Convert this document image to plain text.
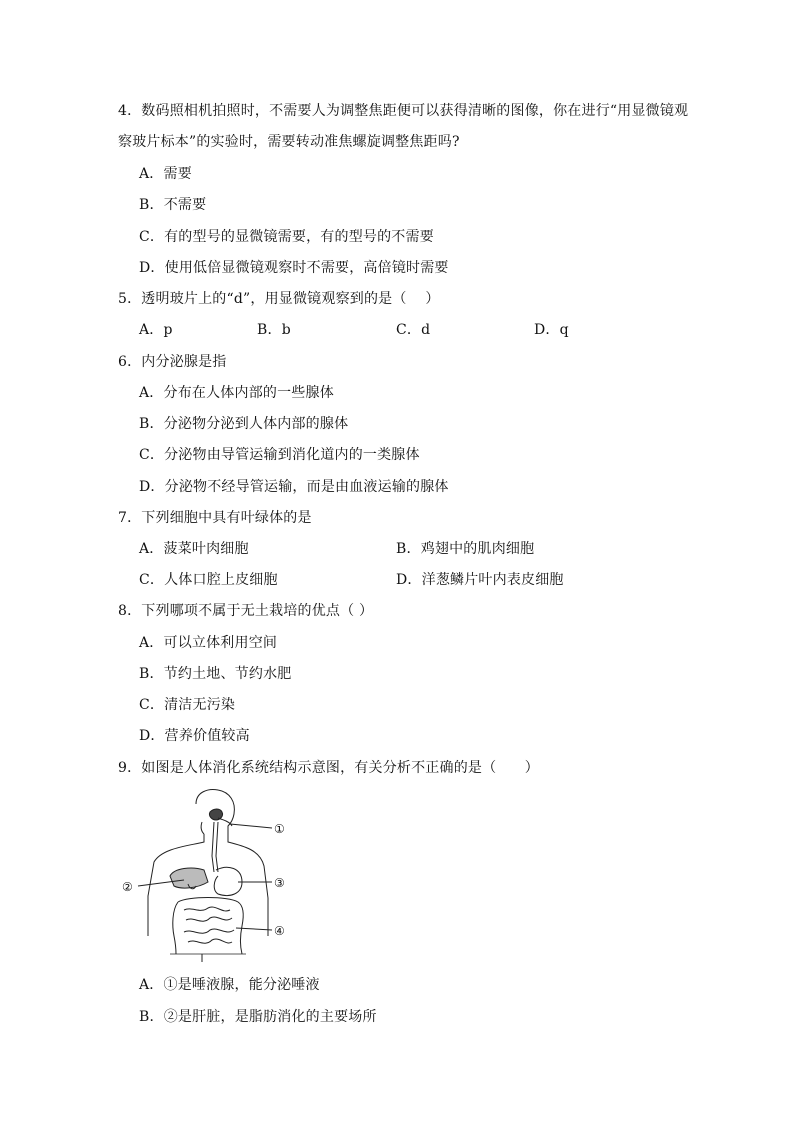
4．数码照相机拍照时，不需要人为调整焦距便可以获得清晰的图像，你在进行“用显微镜观
察玻片标本”的实验时，需要转动准焦螺旋调整焦距吗?
A．需要
B．不需要
C．有的型号的显微镜需要，有的型号的不需要
D．使用低倍显微镜观察时不需要，高倍镜时需要
5．透明玻片上的“d”，用显微镜观察到的是（　 ）
A．p	B．b	C．d	D．q
6．内分泌腺是指
A．分布在人体内部的一些腺体
B．分泌物分泌到人体内部的腺体
C．分泌物由导管运输到消化道内的一类腺体
D．分泌物不经导管运输，而是由血液运输的腺体
7．下列细胞中具有叶绿体的是
A．菠菜叶肉细胞	B．鸡翅中的肌肉细胞
C．人体口腔上皮细胞	D．洋葱鳞片叶内表皮细胞
8．下列哪项不属于无土栽培的优点（ ）
A．可以立体利用空间
B．节约土地、节约水肥
C．清洁无污染
D．营养价值较高
9．如图是人体消化系统结构示意图，有关分析不正确的是（　　）
①
②	③
④
A．①是唾液腺，能分泌唾液
B．②是肝脏，是脂肪消化的主要场所
